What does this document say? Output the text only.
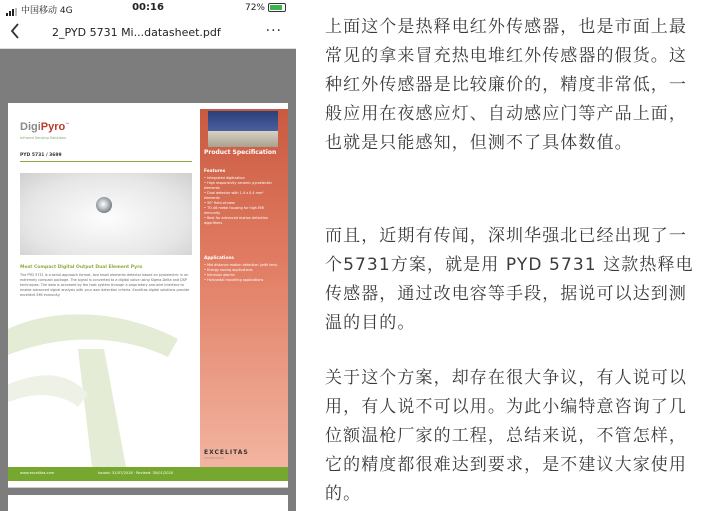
中国移动 4G	00:16	72%
2_PYD 5731 Mi...datasheet.pdf	···
DigiPyro™
Infrared Sensing Solutions
PYD 5731 / 3699
Most Compact Digital Output Dual Element Pyro
The PYD 5731 is a serial-approach format, two small elements detector based on pyroelectric in an extremely compact package. The signal is converted to a digital value using Sigma-Delta and DSP techniques. The data is accessed by the host system through a proprietary one-wire interface to enable advanced signal analysis with your own detection criteria. Excelitas digital solutions provide excellent EMI immunity.
Product Specification
Features
• Integrated digitization
• High responsivity ceramic pyroelectric elements
• Dual detector with 1.4 x 0.4 mm² elements
• 90° field-of-view
• TO-46 metal housing for high EMI immunity
• Best for advanced motion detection algorithms
Applications
• Mid distance motion detection (with lens)
• Energy saving applications
• Intrusion alarms
• Horizontal mounting applications
EXCELITAS
TECHNOLOGIES
www.excelitas.com	Issued: 31/07/2018 · Revised: 30/01/2020

上面这个是热释电红外传感器，也是市面上最常见的拿来冒充热电堆红外传感器的假货。这种红外传感器是比较廉价的，精度非常低，一般应用在夜感应灯、自动感应门等产品上面，也就是只能感知，但测不了具体数值。

而且，近期有传闻，深圳华强北已经出现了一个5731方案，就是用 PYD 5731 这款热释电传感器，通过改电容等手段，据说可以达到测温的目的。

关于这个方案，却存在很大争议，有人说可以用，有人说不可以用。为此小编特意咨询了几位额温枪厂家的工程，总结来说，不管怎样，它的精度都很难达到要求，是不建议大家使用的。
